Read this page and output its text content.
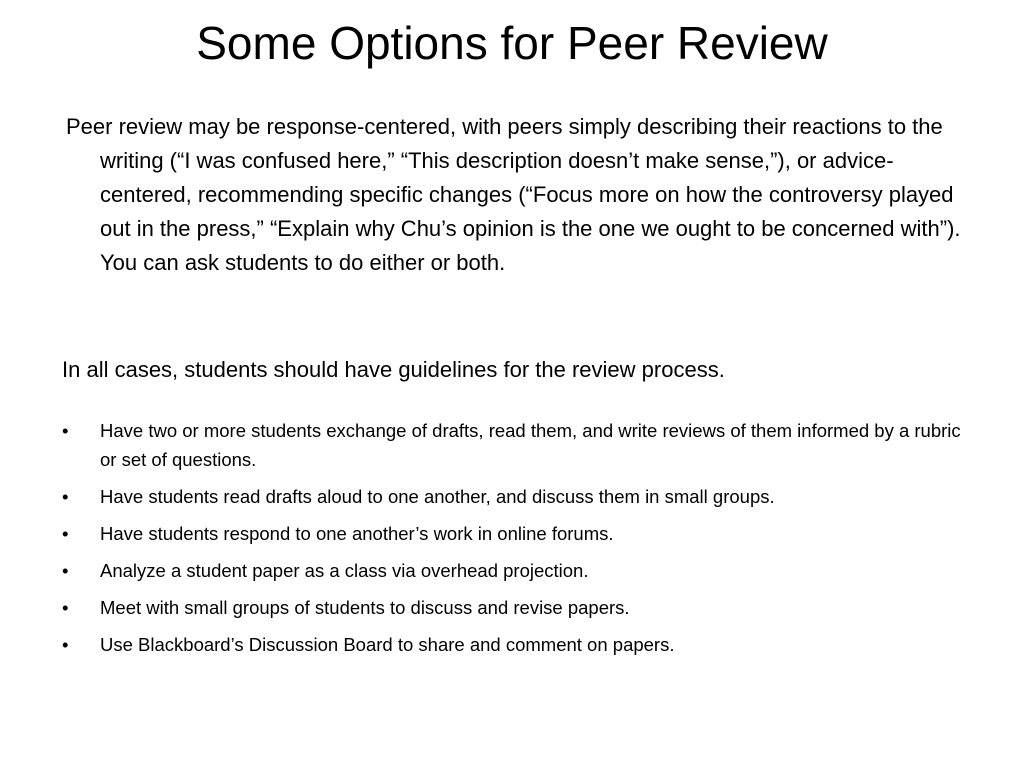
Some Options for Peer Review

Peer review may be response-centered, with peers simply describing their reactions to the writing (“I was confused here,” “This description doesn’t make sense,”), or advice-centered, recommending specific changes (“Focus more on how the controversy played out in the press,” “Explain why Chu’s opinion is the one we ought to be concerned with”). You can ask students to do either or both.

In all cases, students should have guidelines for the review process.

•	Have two or more students exchange of drafts, read them, and write reviews of them informed by a rubric or set of questions.
•	Have students read drafts aloud to one another, and discuss them in small groups.
•	Have students respond to one another’s work in online forums.
•	Analyze a student paper as a class via overhead projection.
•	Meet with small groups of students to discuss and revise papers.
•	Use Blackboard’s Discussion Board to share and comment on papers.
